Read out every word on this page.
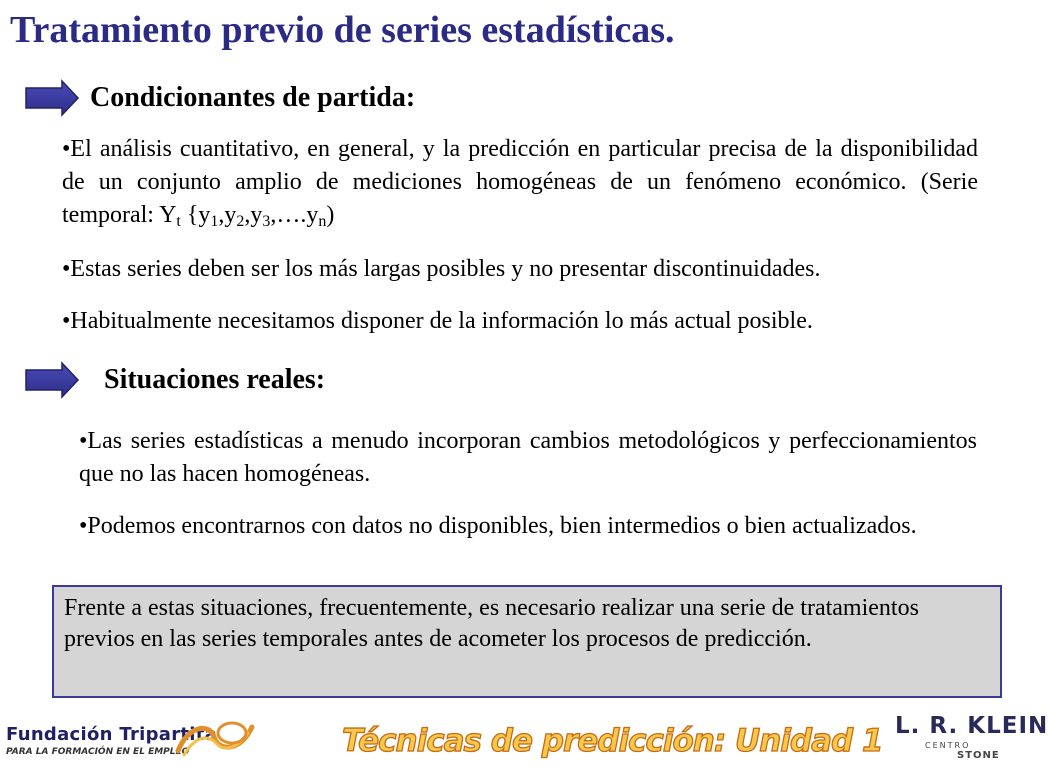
Tratamiento previo de series estadísticas.
Condicionantes de partida:
•El análisis cuantitativo, en general, y la predicción en particular precisa de la disponibilidad de un conjunto amplio de mediciones homogéneas de un fenómeno económico. (Serie temporal: $Y_t$ $\{y_1,y_2,y_3,\dots.y_n)$
•Estas series deben ser los más largas posibles y no presentar discontinuidades.
•Habitualmente necesitamos disponer de la información lo más actual posible.
Situaciones reales:
•Las series estadísticas a menudo incorporan cambios metodológicos y perfeccionamientos que no las hacen homogéneas.
•Podemos encontrarnos con datos no disponibles, bien intermedios o bien actualizados.
Frente a estas situaciones, frecuentemente, es necesario realizar una serie de tratamientos previos en las series temporales antes de acometer los procesos de predicción.
Fundación Tripartita
PARA LA FORMACIÓN EN EL EMPLEO	Técnicas de predicción: Unidad 1 L. R. KLEIN
CENTRO
STONE
